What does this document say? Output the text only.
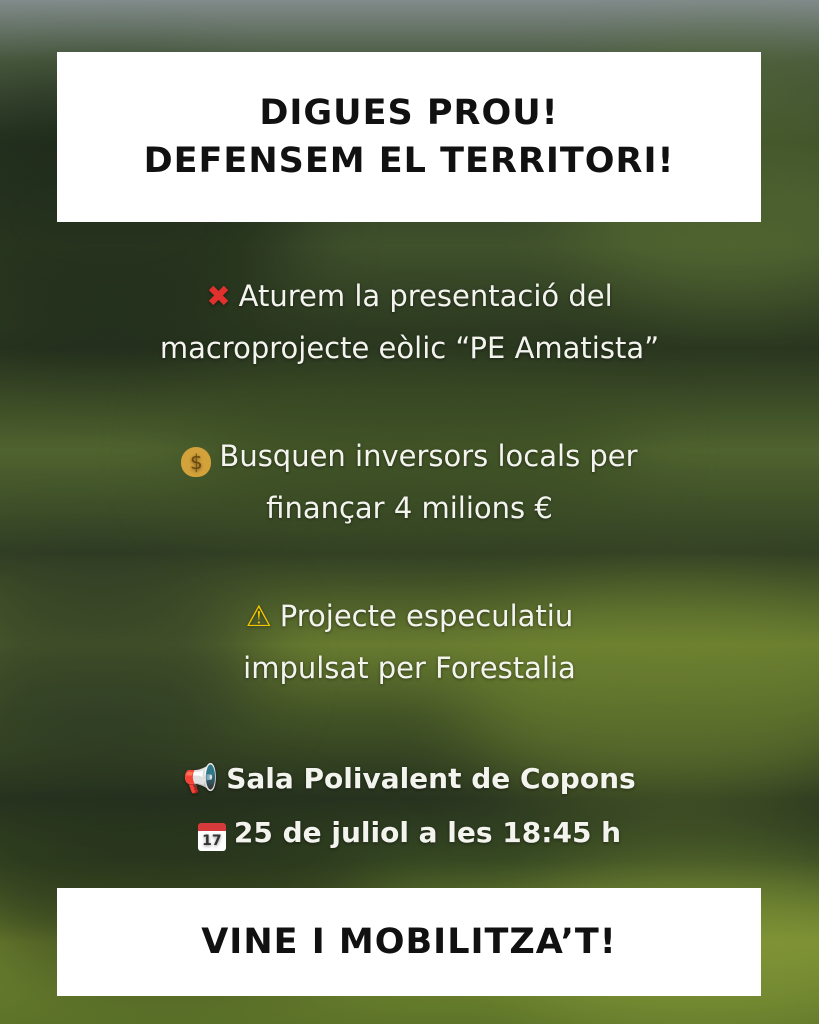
DIGUES PROU!

DEFENSEM EL TERRITORI!

✖ Aturem la presentació del
macroprojecte eòlic “PE Amatista”
$ Busquen inversors locals per
finançar 4 milions €
⚠ Projecte especulatiu
impulsat per Forestalia
📢 Sala Polivalent de Copons
17 25 de juliol a les 18:45 h

VINE I MOBILITZA’T!
